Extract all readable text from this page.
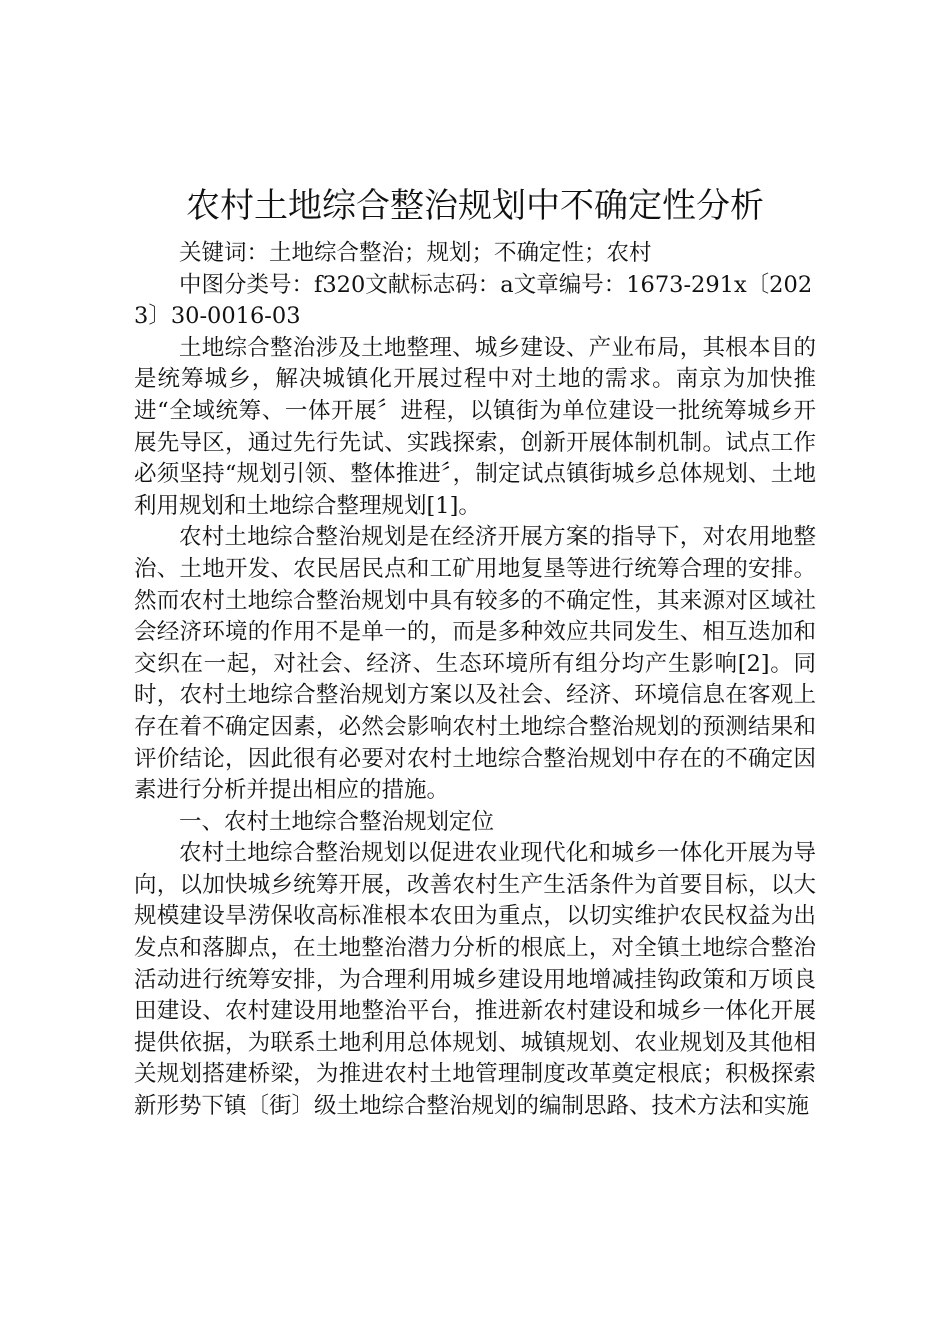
农村土地综合整治规划中不确定性分析

关键词：土地综合整治；规划；不确定性；农村

中图分类号：f320文献标志码：a文章编号：1673-291x〔2023〕30-0016-03

土地综合整治涉及土地整理、城乡建设、产业布局，其根本目的是统筹城乡，解决城镇化开展过程中对土地的需求。南京为加快推进“全域统筹、一体开展〞进程，以镇街为单位建设一批统筹城乡开展先导区，通过先行先试、实践探索，创新开展体制机制。试点工作必须坚持“规划引领、整体推进〞，制定试点镇街城乡总体规划、土地利用规划和土地综合整理规划[1]。

农村土地综合整治规划是在经济开展方案的指导下，对农用地整治、土地开发、农民居民点和工矿用地复垦等进行统筹合理的安排。然而农村土地综合整治规划中具有较多的不确定性，其来源对区域社会经济环境的作用不是单一的，而是多种效应共同发生、相互迭加和交织在一起，对社会、经济、生态环境所有组分均产生影响[2]。同时，农村土地综合整治规划方案以及社会、经济、环境信息在客观上存在着不确定因素，必然会影响农村土地综合整治规划的预测结果和评价结论，因此很有必要对农村土地综合整治规划中存在的不确定因素进行分析并提出相应的措施。

一、农村土地综合整治规划定位

农村土地综合整治规划以促进农业现代化和城乡一体化开展为导向，以加快城乡统筹开展，改善农村生产生活条件为首要目标，以大规模建设旱涝保收高标准根本农田为重点，以切实维护农民权益为出发点和落脚点，在土地整治潜力分析的根底上，对全镇土地综合整治活动进行统筹安排，为合理利用城乡建设用地增减挂钩政策和万顷良田建设、农村建设用地整治平台，推进新农村建设和城乡一体化开展提供依据，为联系土地利用总体规划、城镇规划、农业规划及其他相关规划搭建桥梁，为推进农村土地管理制度改革奠定根底；积极探索新形势下镇〔街〕级土地综合整治规划的编制思路、技术方法和实施
